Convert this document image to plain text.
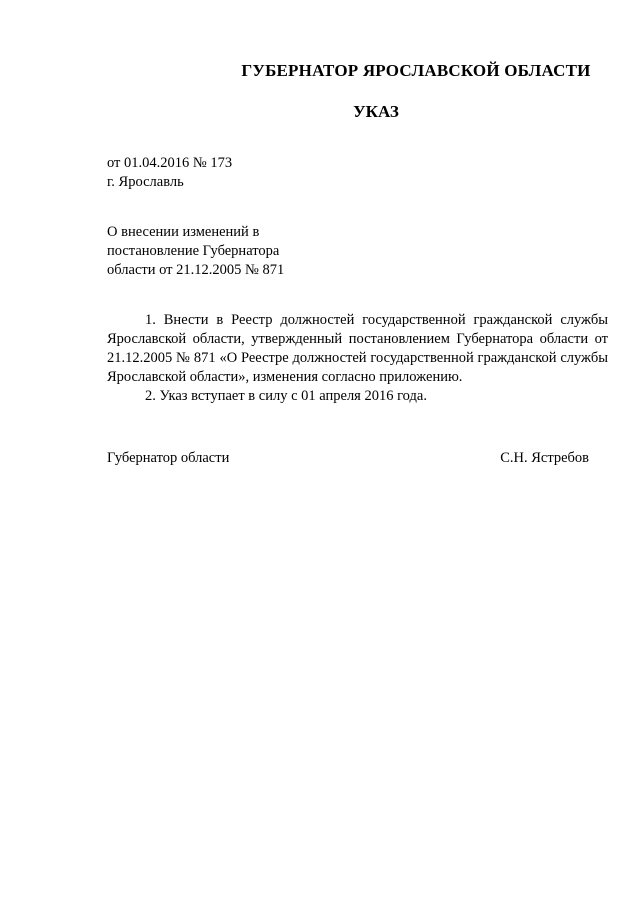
ГУБЕРНАТОР ЯРОСЛАВСКОЙ ОБЛАСТИ
УКАЗ
от 01.04.2016 № 173
г. Ярославль
О внесении изменений в
постановление Губернатора
области от 21.12.2005 № 871

1. Внести в Реестр должностей государственной гражданской службы Ярославской области, утвержденный постановлением Губернатора области от 21.12.2005 № 871 «О Реестре должностей государственной гражданской службы Ярославской области», изменения согласно приложению.

2. Указ вступает в силу с 01 апреля 2016 года.

Губернатор области	С.Н. Ястребов
